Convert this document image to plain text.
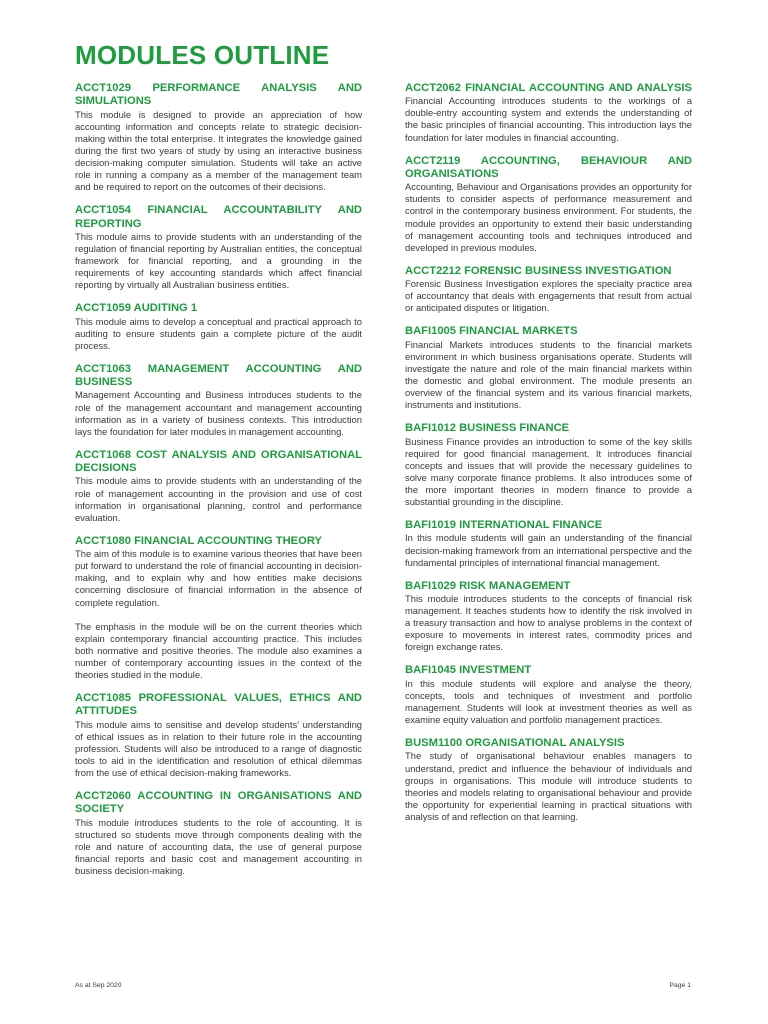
MODULES OUTLINE

ACCT1029 PERFORMANCE ANALYSIS AND SIMULATIONS

This module is designed to provide an appreciation of how accounting information and concepts relate to strategic decision-making within the total enterprise. It integrates the knowledge gained during the first two years of study by using an interactive business decision-making computer simulation. Students will take an active role in running a company as a member of the management team and be required to report on the outcomes of their decisions.

ACCT1054 FINANCIAL ACCOUNTABILITY AND REPORTING

This module aims to provide students with an understanding of the regulation of financial reporting by Australian entities, the conceptual framework for financial reporting, and a grounding in the requirements of key accounting standards which affect financial reporting by virtually all Australian business entities.

ACCT1059 AUDITING 1

This module aims to develop a conceptual and practical approach to auditing to ensure students gain a complete picture of the audit process.

ACCT1063 MANAGEMENT ACCOUNTING AND BUSINESS

Management Accounting and Business introduces students to the role of the management accountant and management accounting information as in a variety of business contexts. This introduction lays the foundation for later modules in management accounting.

ACCT1068 COST ANALYSIS AND ORGANISATIONAL DECISIONS

This module aims to provide students with an understanding of the role of management accounting in the provision and use of cost information in organisational planning, control and performance evaluation.

ACCT1080 FINANCIAL ACCOUNTING THEORY

The aim of this module is to examine various theories that have been put forward to understand the role of financial accounting in decision-making, and to explain why and how entities make decisions concerning disclosure of financial information in the absence of complete regulation.

The emphasis in the module will be on the current theories which explain contemporary financial accounting practice. This includes both normative and positive theories. The module also examines a number of contemporary accounting issues in the context of the theories studied in the module.

ACCT1085 PROFESSIONAL VALUES, ETHICS AND ATTITUDES

This module aims to sensitise and develop students’ understanding of ethical issues as in relation to their future role in the accounting profession. Students will also be introduced to a range of diagnostic tools to aid in the identification and resolution of ethical dilemmas from the use of ethical decision-making frameworks.

ACCT2060 ACCOUNTING IN ORGANISATIONS AND SOCIETY

This module introduces students to the role of accounting. It is structured so students move through components dealing with the role and nature of accounting data, the use of general purpose financial reports and basic cost and management accounting in business decision-making.

ACCT2062 FINANCIAL ACCOUNTING AND ANALYSIS

Financial Accounting introduces students to the workings of a double-entry accounting system and extends the understanding of the basic principles of financial accounting. This introduction lays the foundation for later modules in financial accounting.

ACCT2119 ACCOUNTING, BEHAVIOUR AND ORGANISATIONS

Accounting, Behaviour and Organisations provides an opportunity for students to consider aspects of performance measurement and control in the contemporary business environment. For students, the module provides an opportunity to extend their basic understanding of management accounting tools and techniques introduced and developed in previous modules.

ACCT2212 FORENSIC BUSINESS INVESTIGATION

Forensic Business Investigation explores the specialty practice area of accountancy that deals with engagements that result from actual or anticipated disputes or litigation.

BAFI1005 FINANCIAL MARKETS

Financial Markets introduces students to the financial markets environment in which business organisations operate. Students will investigate the nature and role of the main financial markets within the domestic and global environment. The module presents an overview of the financial system and its various financial markets, instruments and institutions.

BAFI1012 BUSINESS FINANCE

Business Finance provides an introduction to some of the key skills required for good financial management. It introduces financial concepts and issues that will provide the necessary guidelines to solve many corporate finance problems. It also introduces some of the more important theories in modern finance to provide a substantial grounding in the discipline.

BAFI1019 INTERNATIONAL FINANCE

In this module students will gain an understanding of the financial decision-making framework from an international perspective and the fundamental principles of international financial management.

BAFI1029 RISK MANAGEMENT

This module introduces students to the concepts of financial risk management. It teaches students how to identify the risk involved in a treasury transaction and how to analyse problems in the context of exposure to movements in interest rates, commodity prices and foreign exchange rates.

BAFI1045 INVESTMENT

In this module students will explore and analyse the theory, concepts, tools and techniques of investment and portfolio management. Students will look at investment theories as well as examine equity valuation and portfolio management practices.

BUSM1100 ORGANISATIONAL ANALYSIS

The study of organisational behaviour enables managers to understand, predict and influence the behaviour of individuals and groups in organisations. This module will introduce students to theories and models relating to organisational behaviour and provide the opportunity for experiential learning in practical situations with analysis of and reflection on that learning.

As at Sep 2020	Page 1
